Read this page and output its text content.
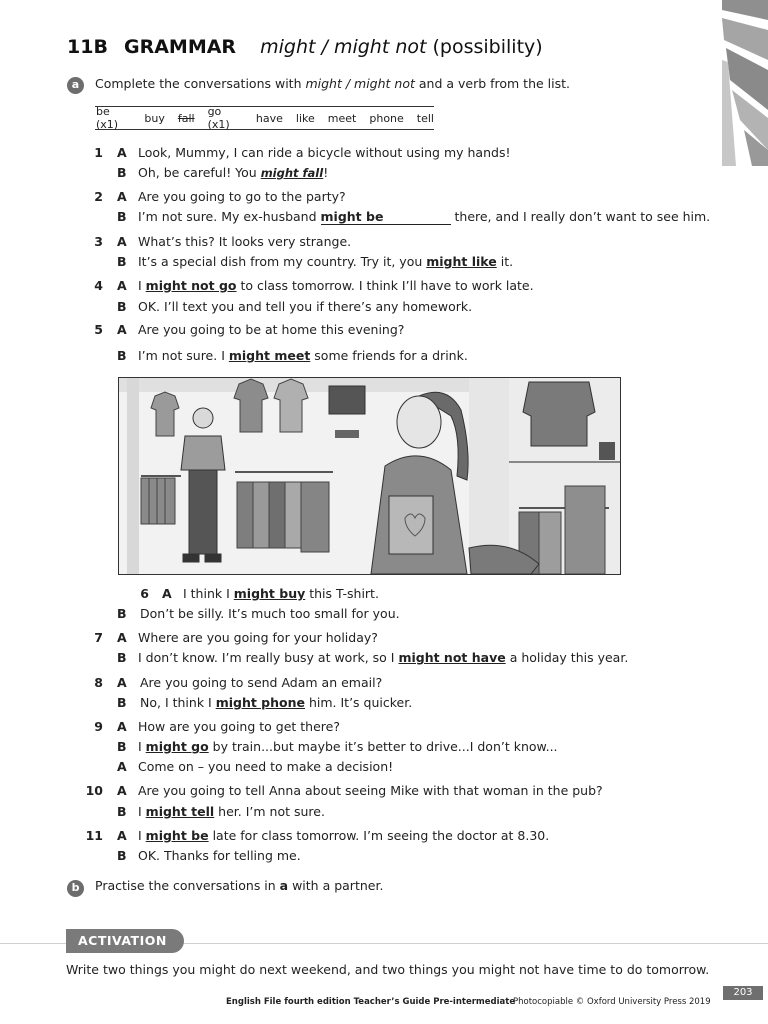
11B GRAMMAR might / might not (possibility)
a	Complete the conversations with might / might not and a verb from the list.
be (x1)	buy fall go (x1)	have like meet phone tell
1 A Look, Mummy, I can ride a bicycle without using my hands!
B Oh, be careful! You might fall!
2 A Are you going to go to the party?
B I’m not sure. My ex-husband might be	there, and I really don’t want to see him.
3 A What’s this? It looks very strange.
B It’s a special dish from my country. Try it, you might like it.
4 A I might not go to class tomorrow. I think I’ll have to work late.
B OK. I’ll text you and tell you if there’s any homework.
5 A Are you going to be at home this evening?
B I’m not sure. I might meet some friends for a drink.
6 A I think I might buy this T-shirt.
B Don’t be silly. It’s much too small for you.
7 A Where are you going for your holiday?
B I don’t know. I’m really busy at work, so I might not have a holiday this year.
8 A Are you going to send Adam an email?
B No, I think I might phone him. It’s quicker.
9 A How are you going to get there?
B I might go by train...but maybe it’s better to drive...I don’t know...
A Come on – you need to make a decision!
10 A Are you going to tell Anna about seeing Mike with that woman in the pub?
B I might tell her. I’m not sure.
11 A I might be late for class tomorrow. I’m seeing the doctor at 8.30.
B OK. Thanks for telling me.
b	Practise the conversations in a with a partner.
ACTIVATION
Write two things you might do next weekend, and two things you might not have time to do tomorrow.
English File fourth edition Teacher’s Guide Pre-intermediate
Photocopiable © Oxford University Press 2019
203
